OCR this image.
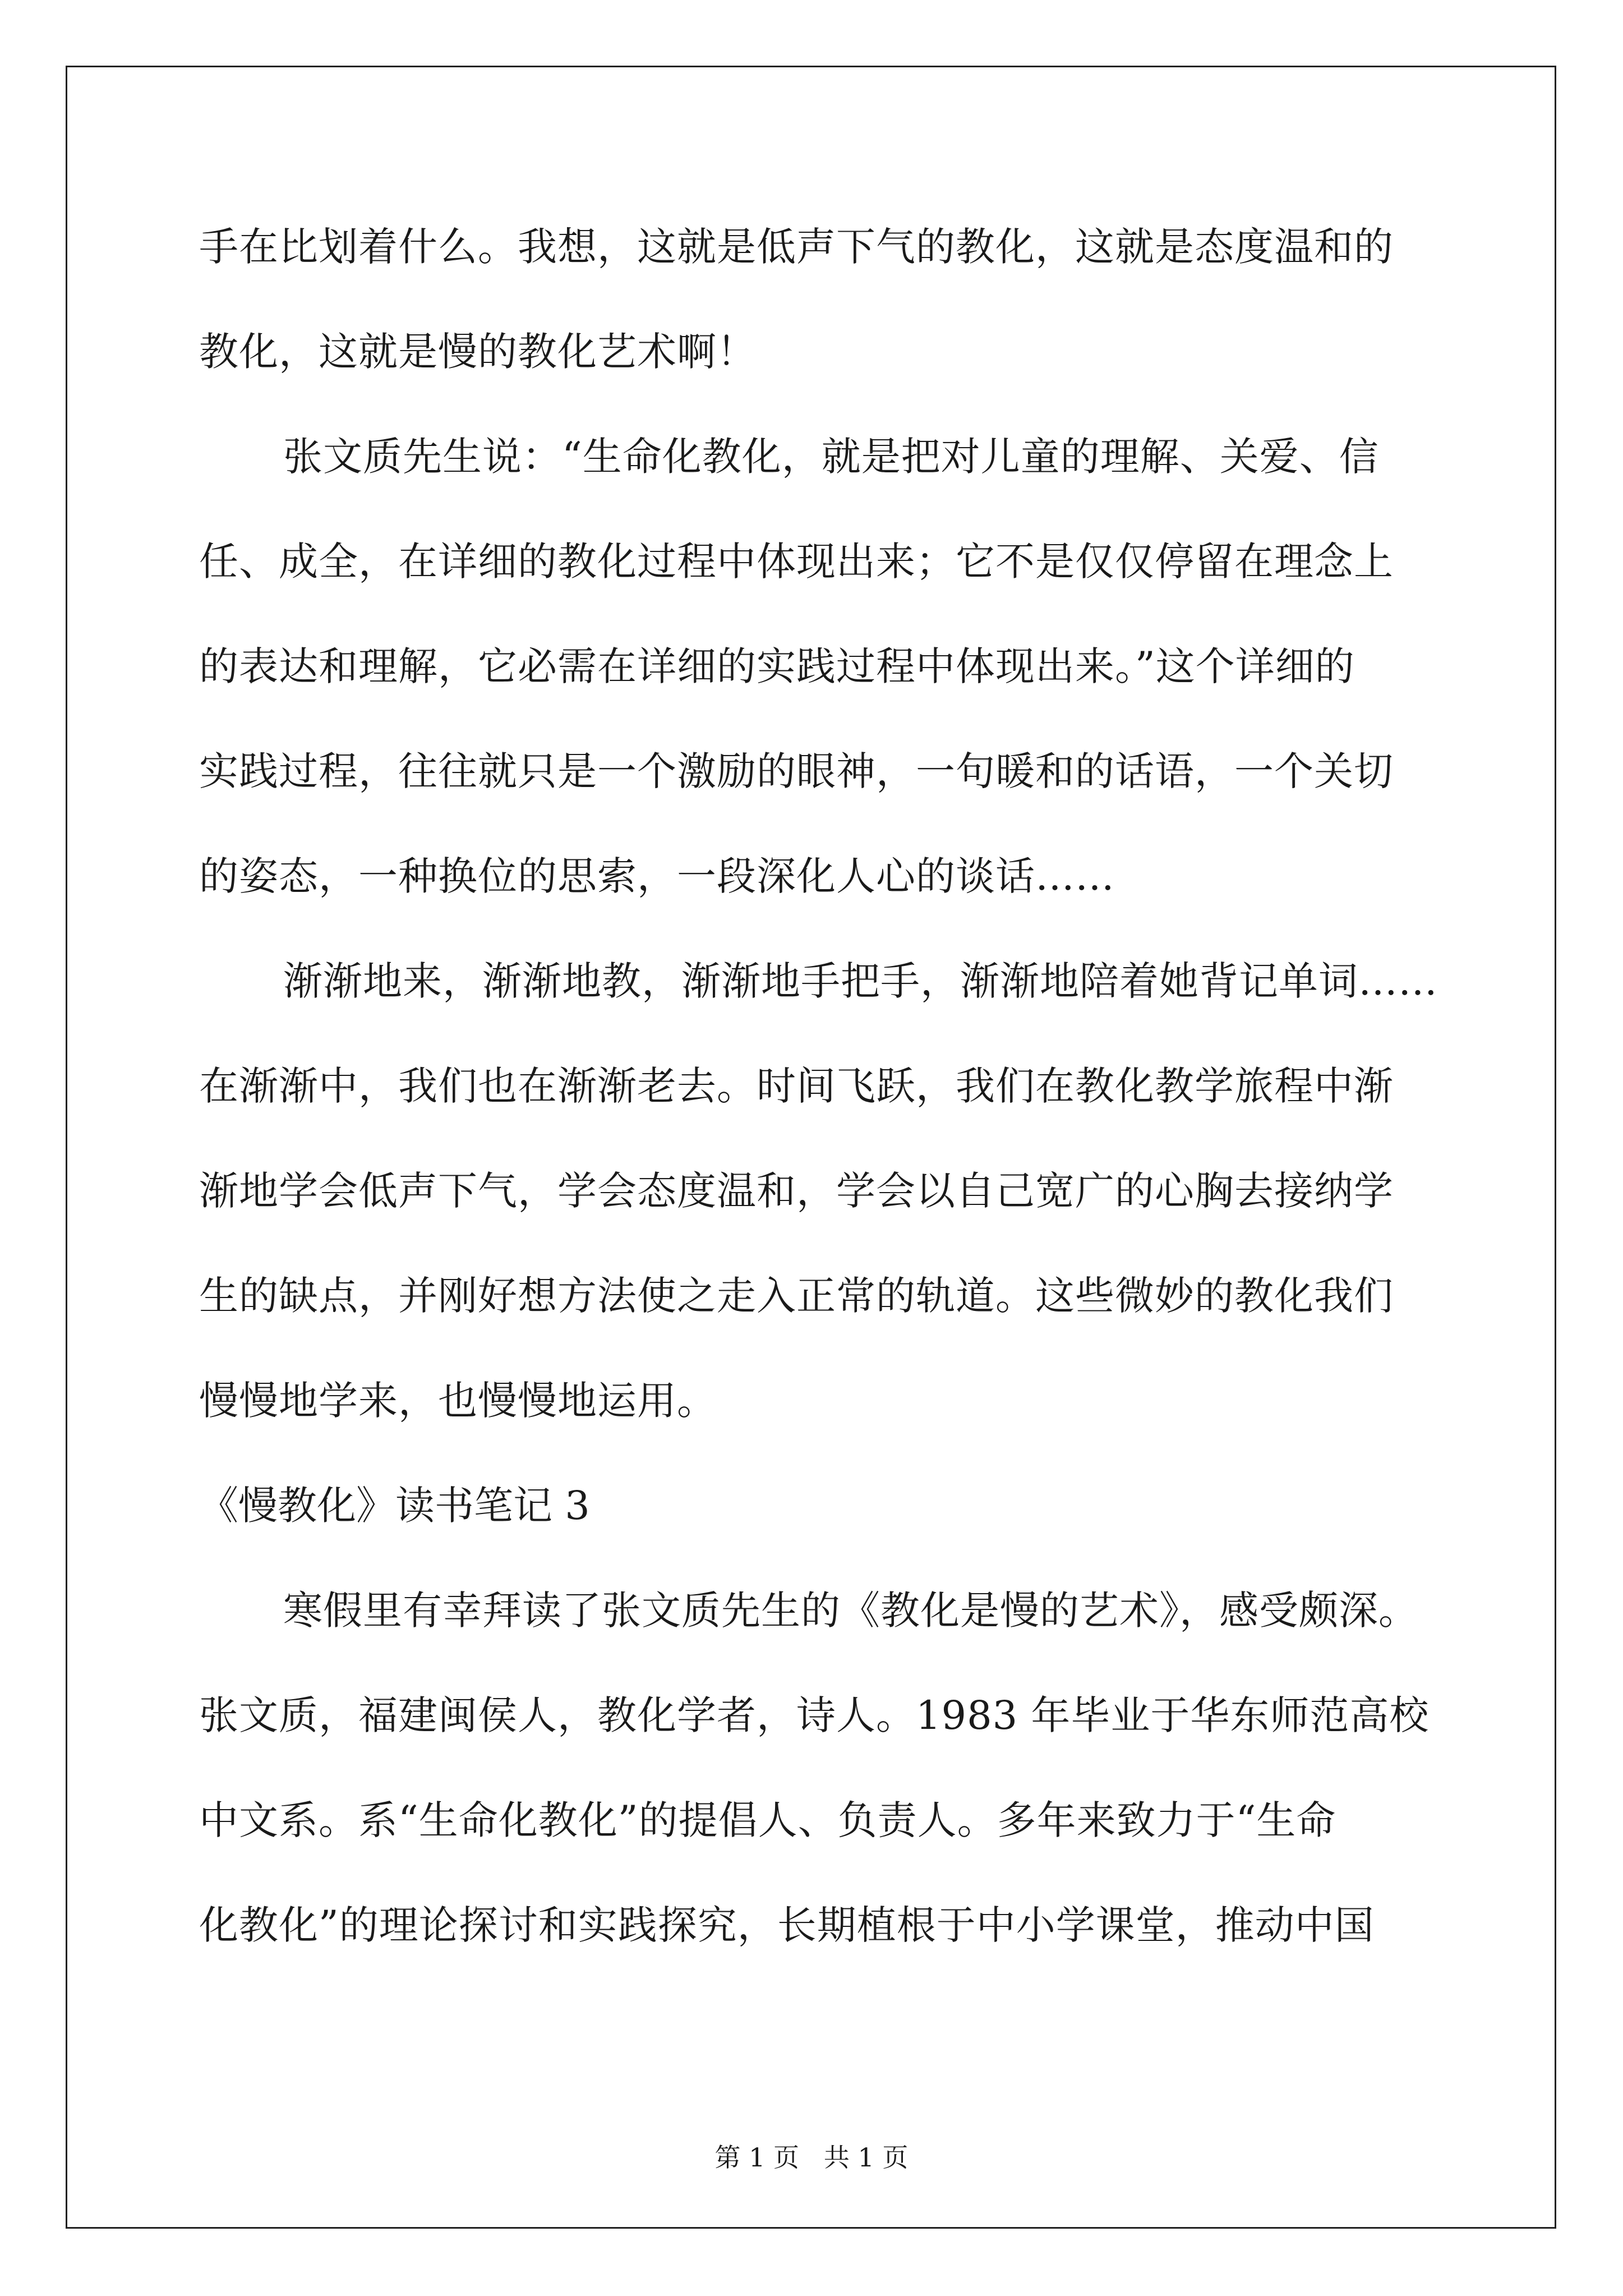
手在比划着什么。我想，这就是低声下气的教化，这就是态度温和的
教化，这就是慢的教化艺术啊！
张文质先生说：“生命化教化，就是把对儿童的理解、关爱、信
任、成全，在详细的教化过程中体现出来；它不是仅仅停留在理念上
的表达和理解，它必需在详细的实践过程中体现出来。”这个详细的
实践过程，往往就只是一个激励的眼神，一句暖和的话语，一个关切
的姿态，一种换位的思索，一段深化人心的谈话……
渐渐地来，渐渐地教，渐渐地手把手，渐渐地陪着她背记单词……
在渐渐中，我们也在渐渐老去。时间飞跃，我们在教化教学旅程中渐
渐地学会低声下气，学会态度温和，学会以自己宽广的心胸去接纳学
生的缺点，并刚好想方法使之走入正常的轨道。这些微妙的教化我们
慢慢地学来，也慢慢地运用。
《慢教化》读书笔记 3
寒假里有幸拜读了张文质先生的《教化是慢的艺术》，感受颇深。
张文质，福建闽侯人，教化学者，诗人。1983 年毕业于华东师范高校
中文系。系“生命化教化”的提倡人、负责人。多年来致力于“生命
化教化”的理论探讨和实践探究，长期植根于中小学课堂，推动中国
第 1 页   共 1 页
